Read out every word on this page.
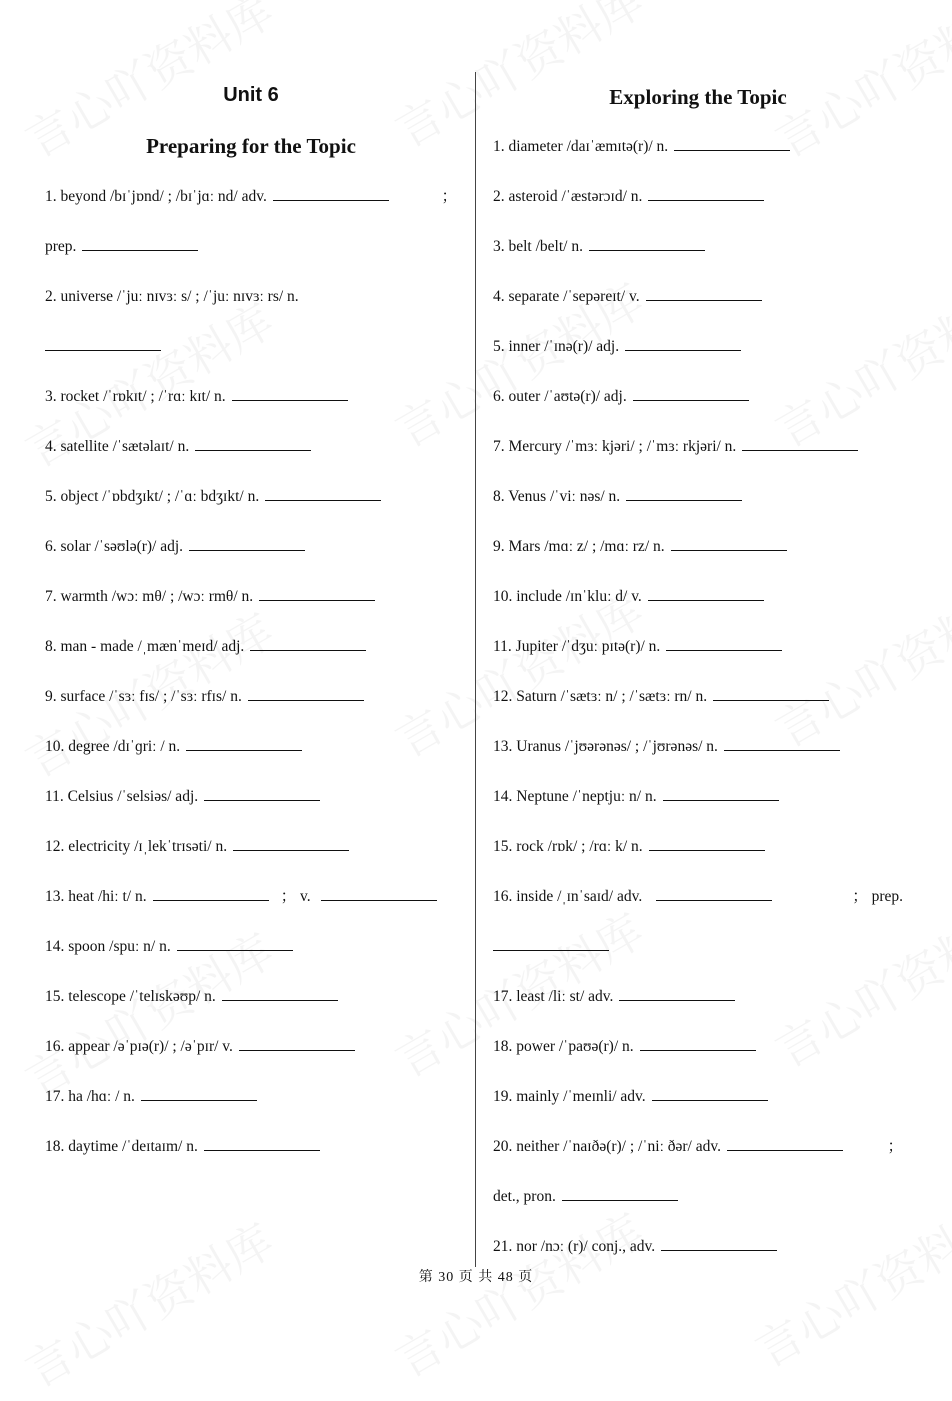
Unit 6
Preparing for the Topic
1. beyond /bɪˈjɒnd/ ; /bɪˈjɑː nd/ adv.	；
prep.
2. universe /ˈjuː nɪvɜː s/ ; /ˈjuː nɪvɜː rs/ n.
3. rocket /ˈrɒkɪt/ ; /ˈrɑː kɪt/ n.
4. satellite /ˈsætəlaɪt/ n.
5. object /ˈɒbdʒɪkt/ ; /ˈɑː bdʒɪkt/ n.
6. solar /ˈsəʊlə(r)/ adj.
7. warmth /wɔː mθ/ ; /wɔː rmθ/ n.
8. man - made /ˌmænˈmeɪd/ adj.
9. surface /ˈsɜː fɪs/ ; /ˈsɜː rfɪs/ n.
10. degree /dɪˈɡriː / n.
11. Celsius /ˈselsiəs/ adj.
12. electricity /ɪˌlekˈtrɪsəti/ n.
13. heat /hiː t/ n.	； v.
14. spoon /spuː n/ n.
15. telescope /ˈtelɪskəʊp/ n.
16. appear /əˈpɪə(r)/ ; /əˈpɪr/ v.
17. ha /hɑː / n.
18. daytime /ˈdeɪtaɪm/ n.
Exploring the Topic
1. diameter /daɪˈæmɪtə(r)/ n.
2. asteroid /ˈæstərɔɪd/ n.
3. belt /belt/ n.
4. separate /ˈsepəreɪt/ v.
5. inner /ˈɪnə(r)/ adj.
6. outer /ˈaʊtə(r)/ adj.
7. Mercury /ˈmɜː kjəri/ ; /ˈmɜː rkjəri/ n.
8. Venus /ˈviː nəs/ n.
9. Mars /mɑː z/ ; /mɑː rz/ n.
10. include /ɪnˈkluː d/ v.
11. Jupiter /ˈdʒuː pɪtə(r)/ n.
12. Saturn /ˈsætɜː n/ ; /ˈsætɜː rn/ n.
13. Uranus /ˈjʊərənəs/ ; /ˈjʊrənəs/ n.
14. Neptune /ˈneptjuː n/ n.
15. rock /rɒk/ ; /rɑː k/ n.
16. inside /ˌɪnˈsaɪd/ adv.	； prep.
17. least /liː st/ adv.
18. power /ˈpaʊə(r)/ n.
19. mainly /ˈmeɪnli/ adv.
20. neither /ˈnaɪðə(r)/ ; /ˈniː ðər/ adv.	；
det., pron.
21. nor /nɔː (r)/ conj., adv.
第 30 页 共 48 页
